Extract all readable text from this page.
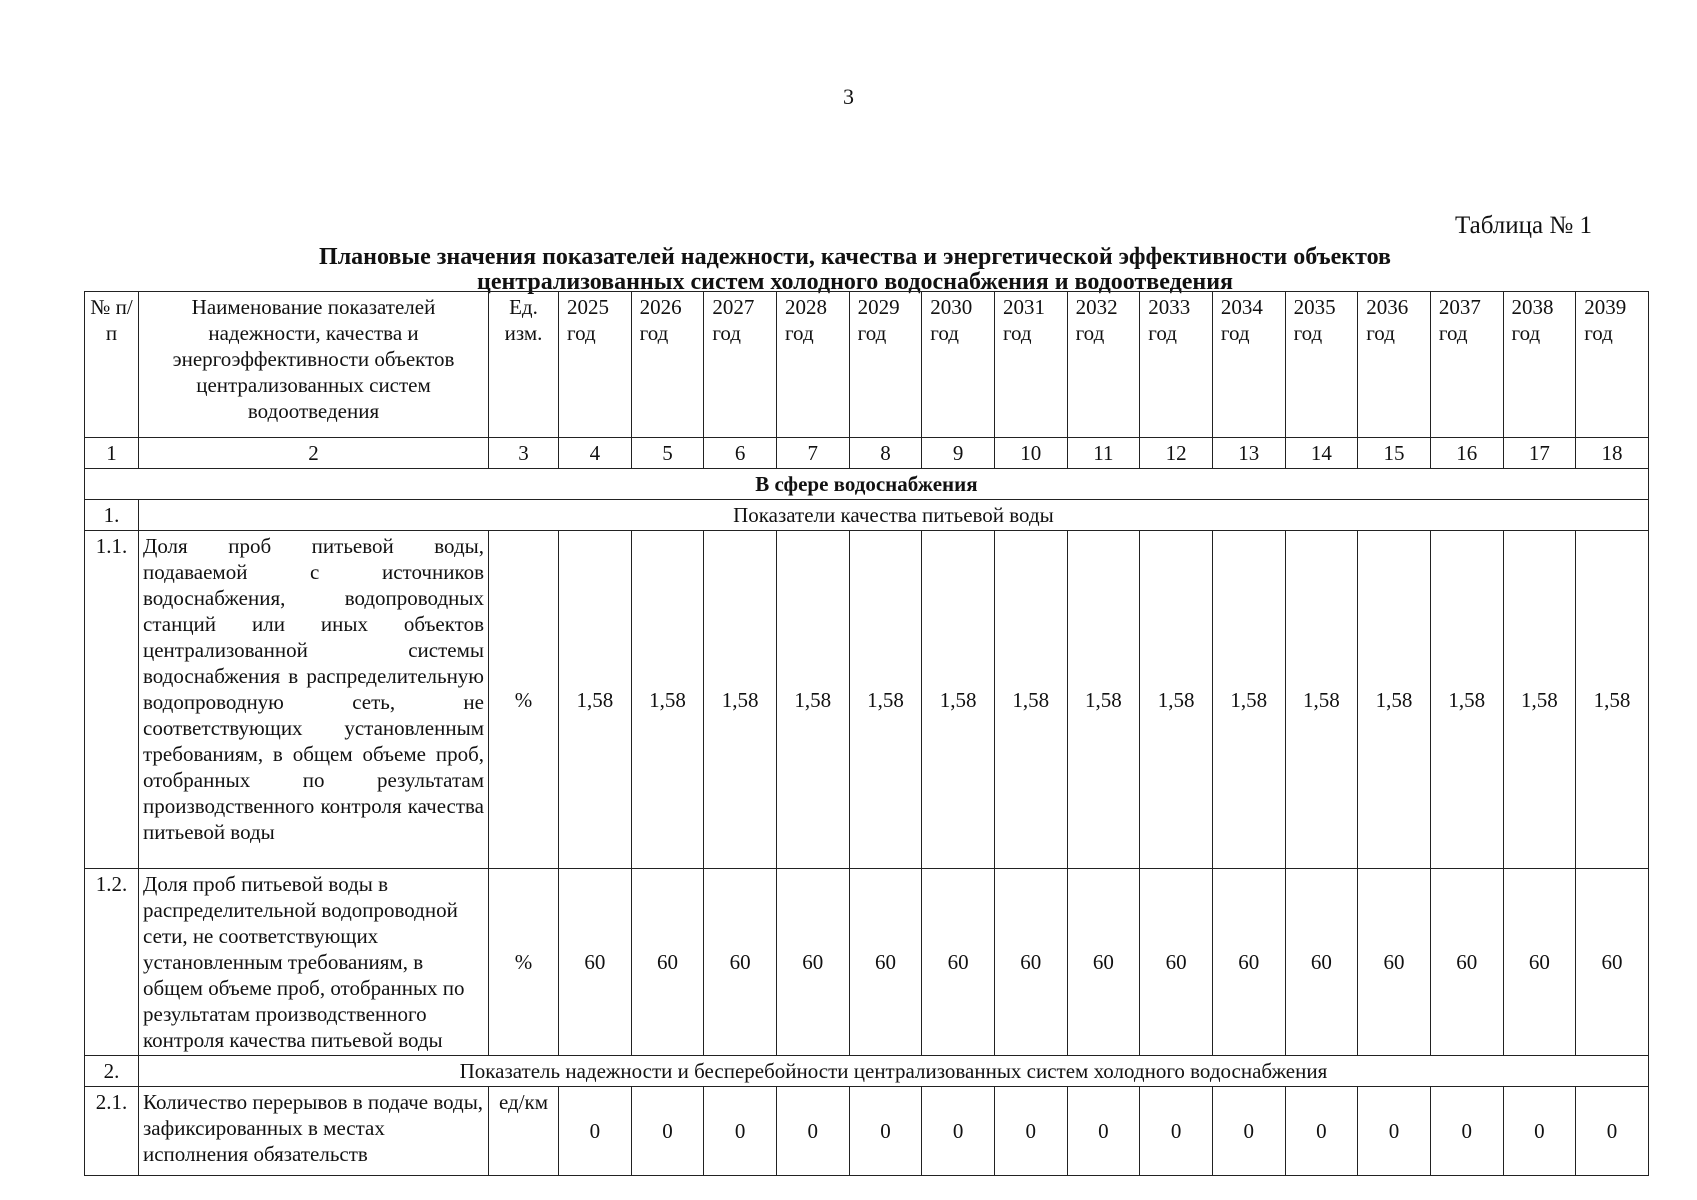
3
Таблица № 1
Плановые значения показателей надежности, качества и энергетической эффективности объектов
централизованных систем холодного водоснабжения и водоотведения
№ п/п	Наименование показателей надежности, качества и энергоэффективности объектов централизованных систем водоотведения	Ед. изм.	2025 год	2026 год	2027 год	2028 год	2029 год	2030 год	2031 год	2032 год	2033 год	2034 год	2035 год	2036 год	2037 год	2038 год	2039 год
1	2	3	4	5	6	7	8	9	10	11	12	13	14	15	16	17	18
В сфере водоснабжения																	
1.	Показатели качества питьевой воды																
1.1.	Доля проб питьевой воды, подаваемой с источников водоснабжения, водопроводных станций или иных объектов централизованной системы водоснабжения в распределительную водопроводную сеть, не соответствующих установленным требованиям, в общем объеме проб, отобранных по результатам производственного контроля качества питьевой воды	%	1,58	1,58	1,58	1,58	1,58	1,58	1,58	1,58	1,58	1,58	1,58	1,58	1,58	1,58	1,58
1.2.	Доля проб питьевой воды в распределительной водопроводной сети, не соответствующих установленным требованиям, в общем объеме проб, отобранных по результатам производственного контроля качества питьевой воды	%	60	60	60	60	60	60	60	60	60	60	60	60	60	60	60
2.	Показатель надежности и бесперебойности централизованных систем холодного водоснабжения																
2.1.	Количество перерывов в подаче воды, зафиксированных в местах исполнения обязательств	ед/км	0	0	0	0	0	0	0	0	0	0	0	0	0	0	0
